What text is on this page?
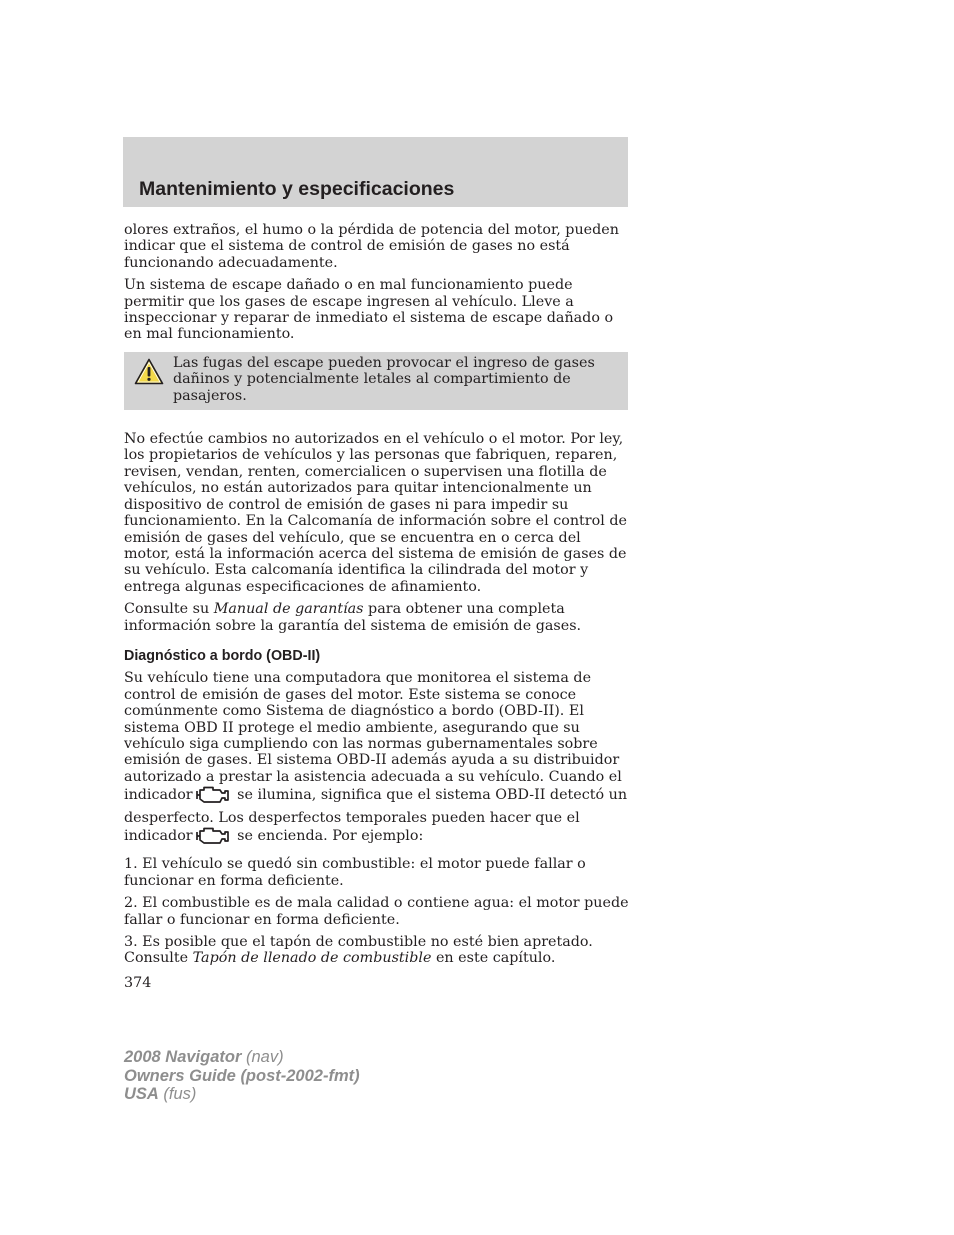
Mantenimiento y especificaciones

olores extraños, el humo o la pérdida de potencia del motor, pueden indicar que el sistema de control de emisión de gases no está funcionando adecuadamente.

Un sistema de escape dañado o en mal funcionamiento puede permitir que los gases de escape ingresen al vehículo. Lleve a inspeccionar y reparar de inmediato el sistema de escape dañado o en mal funcionamiento.

Las fugas del escape pueden provocar el ingreso de gases dañinos y potencialmente letales al compartimiento de pasajeros.

No efectúe cambios no autorizados en el vehículo o el motor. Por ley, los propietarios de vehículos y las personas que fabriquen, reparen, revisen, vendan, renten, comercialicen o supervisen una flotilla de vehículos, no están autorizados para quitar intencionalmente un dispositivo de control de emisión de gases ni para impedir su funcionamiento. En la Calcomanía de información sobre el control de emisión de gases del vehículo, que se encuentra en o cerca del motor, está la información acerca del sistema de emisión de gases de su vehículo. Esta calcomanía identifica la cilindrada del motor y entrega algunas especificaciones de afinamiento.

Consulte su Manual de garantías para obtener una completa información sobre la garantía del sistema de emisión de gases.

Diagnóstico a bordo (OBD-II)

Su vehículo tiene una computadora que monitorea el sistema de control de emisión de gases del motor. Este sistema se conoce comúnmente como Sistema de diagnóstico a bordo (OBD-II). El sistema OBD II protege el medio ambiente, asegurando que su vehículo siga cumpliendo con las normas gubernamentales sobre emisión de gases. El sistema OBD-II además ayuda a su distribuidor autorizado a prestar la asistencia adecuada a su vehículo. Cuando el indicador	se ilumina, significa que el sistema OBD-II detectó un desperfecto. Los desperfectos temporales pueden hacer que el indicador	se encienda. Por ejemplo:

1. El vehículo se quedó sin combustible: el motor puede fallar o funcionar en forma deficiente.

2. El combustible es de mala calidad o contiene agua: el motor puede fallar o funcionar en forma deficiente.

3. Es posible que el tapón de combustible no esté bien apretado. Consulte Tapón de llenado de combustible en este capítulo.

374
2008 Navigator (nav)
Owners Guide (post-2002-fmt)
USA (fus)
